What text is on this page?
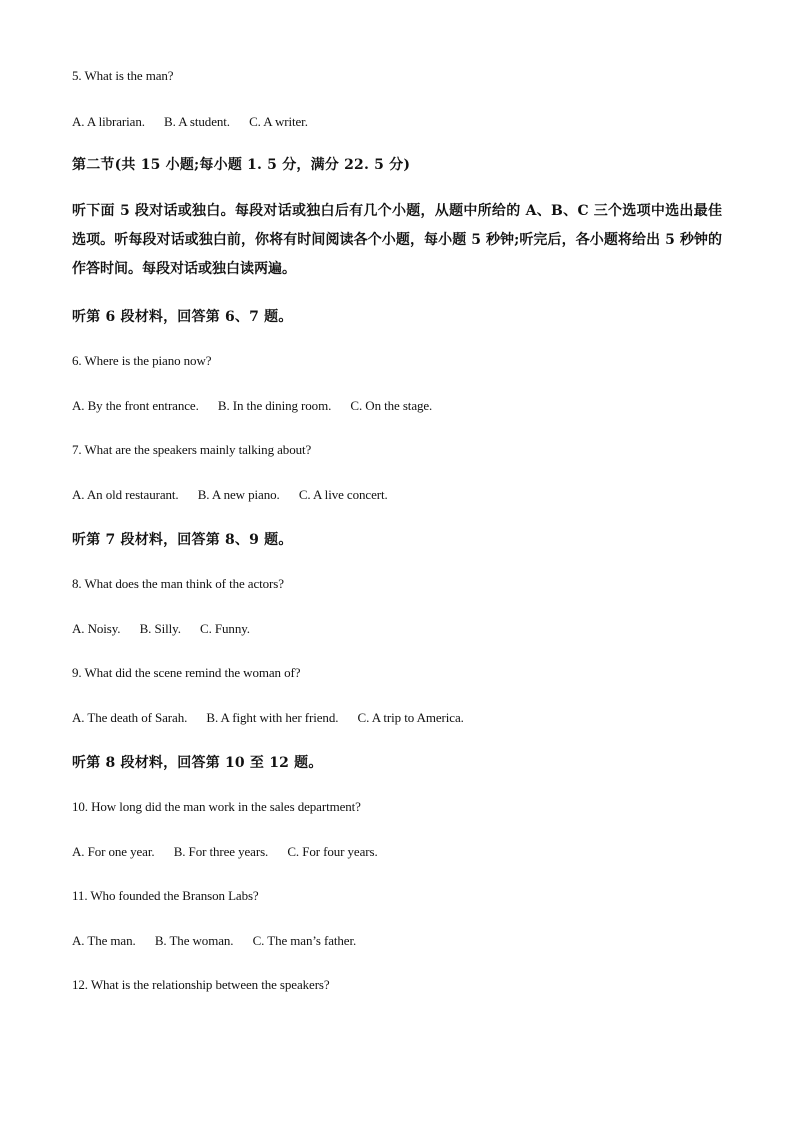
5. What is the man?
A. A librarian. B. A student. C. A writer.
第二节(共 15 小题;每小题 1. 5 分，满分 22. 5 分)
听下面 5 段对话或独白。每段对话或独白后有几个小题，从题中所给的 A、B、C 三个选项中选出最佳选项。听每段对话或独白前，你将有时间阅读各个小题，每小题 5 秒钟;听完后，各小题将给出 5 秒钟的作答时间。每段对话或独白读两遍。
听第 6 段材料，回答第 6、7 题。
6. Where is the piano now?
A. By the front entrance. B. In the dining room. C. On the stage.
7. What are the speakers mainly talking about?
A. An old restaurant. B. A new piano. C. A live concert.
听第 7 段材料，回答第 8、9 题。
8. What does the man think of the actors?
A. Noisy. B. Silly. C. Funny.
9. What did the scene remind the woman of?
A. The death of Sarah. B. A fight with her friend. C. A trip to America.
听第 8 段材料，回答第 10 至 12 题。
10. How long did the man work in the sales department?
A. For one year. B. For three years. C. For four years.
11. Who founded the Branson Labs?
A. The man. B. The woman. C. The man’s father.
12. What is the relationship between the speakers?
